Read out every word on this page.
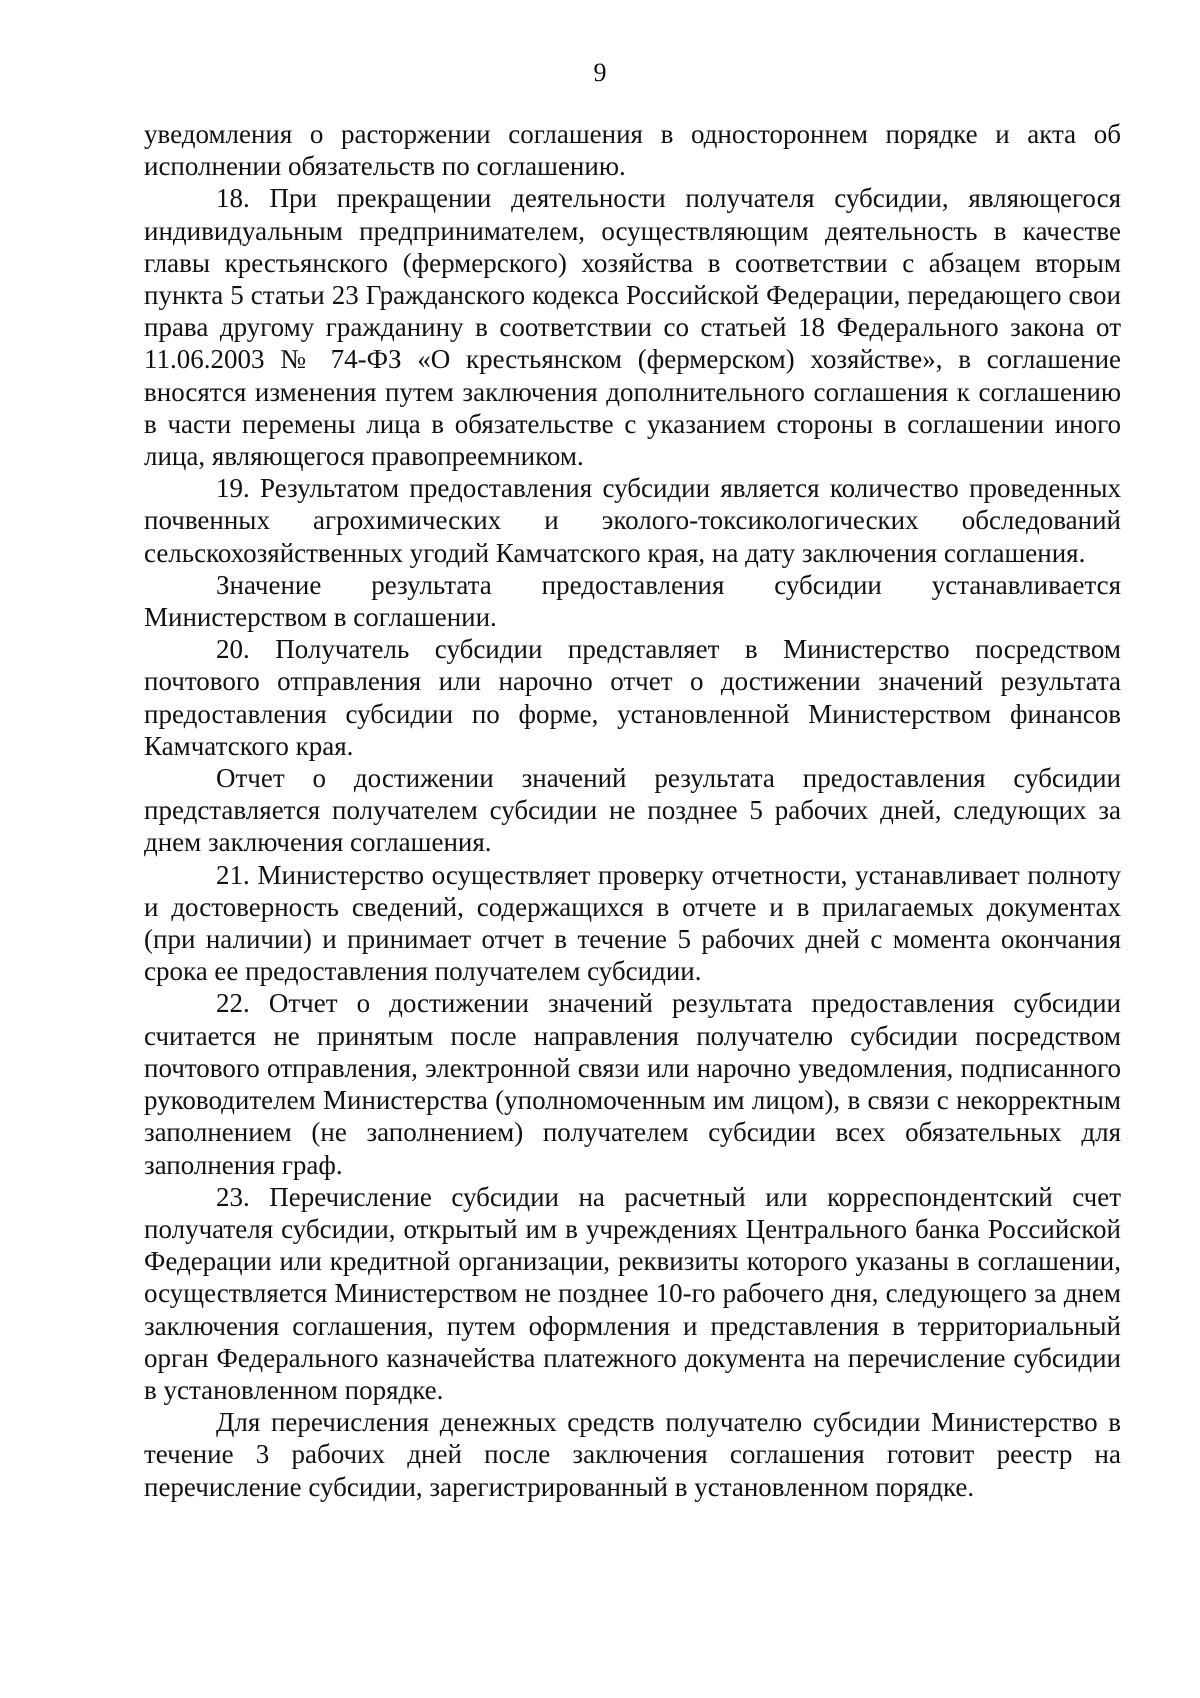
9

уведомления о расторжении соглашения в одностороннем порядке и акта об исполнении обязательств по соглашению.

18. При прекращении деятельности получателя субсидии, являющегося индивидуальным предпринимателем, осуществляющим деятельность в качестве главы крестьянского (фермерского) хозяйства в соответствии с абзацем вторым пункта 5 статьи 23 Гражданского кодекса Российской Федерации, передающего свои права другому гражданину в соответствии со статьей 18 Федерального закона от 11.06.2003 № 74-ФЗ «О крестьянском (фермерском) хозяйстве», в соглашение вносятся изменения путем заключения дополнительного соглашения к соглашению в части перемены лица в обязательстве с указанием стороны в соглашении иного лица, являющегося правопреемником.

19. Результатом предоставления субсидии является количество проведенных почвенных агрохимических и эколого-токсикологических обследований сельскохозяйственных угодий Камчатского края, на дату заключения соглашения.

Значение результата предоставления субсидии устанавливается Министерством в соглашении.

20. Получатель субсидии представляет в Министерство посредством почтового отправления или нарочно отчет о достижении значений результата предоставления субсидии по форме, установленной Министерством финансов Камчатского края.

Отчет о достижении значений результата предоставления субсидии представляется получателем субсидии не позднее 5 рабочих дней, следующих за днем заключения соглашения.

21. Министерство осуществляет проверку отчетности, устанавливает полноту и достоверность сведений, содержащихся в отчете и в прилагаемых документах (при наличии) и принимает отчет в течение 5 рабочих дней с момента окончания срока ее предоставления получателем субсидии.

22. Отчет о достижении значений результата предоставления субсидии считается не принятым после направления получателю субсидии посредством почтового отправления, электронной связи или нарочно уведомления, подписанного руководителем Министерства (уполномоченным им лицом), в связи с некорректным заполнением (не заполнением) получателем субсидии всех обязательных для заполнения граф.

23. Перечисление субсидии на расчетный или корреспондентский счет получателя субсидии, открытый им в учреждениях Центрального банка Российской Федерации или кредитной организации, реквизиты которого указаны в соглашении, осуществляется Министерством не позднее 10-го рабочего дня, следующего за днем заключения соглашения, путем оформления и представления в территориальный орган Федерального казначейства платежного документа на перечисление субсидии в установленном порядке.

Для перечисления денежных средств получателю субсидии Министерство в течение 3 рабочих дней после заключения соглашения готовит реестр на перечисление субсидии, зарегистрированный в установленном порядке.
